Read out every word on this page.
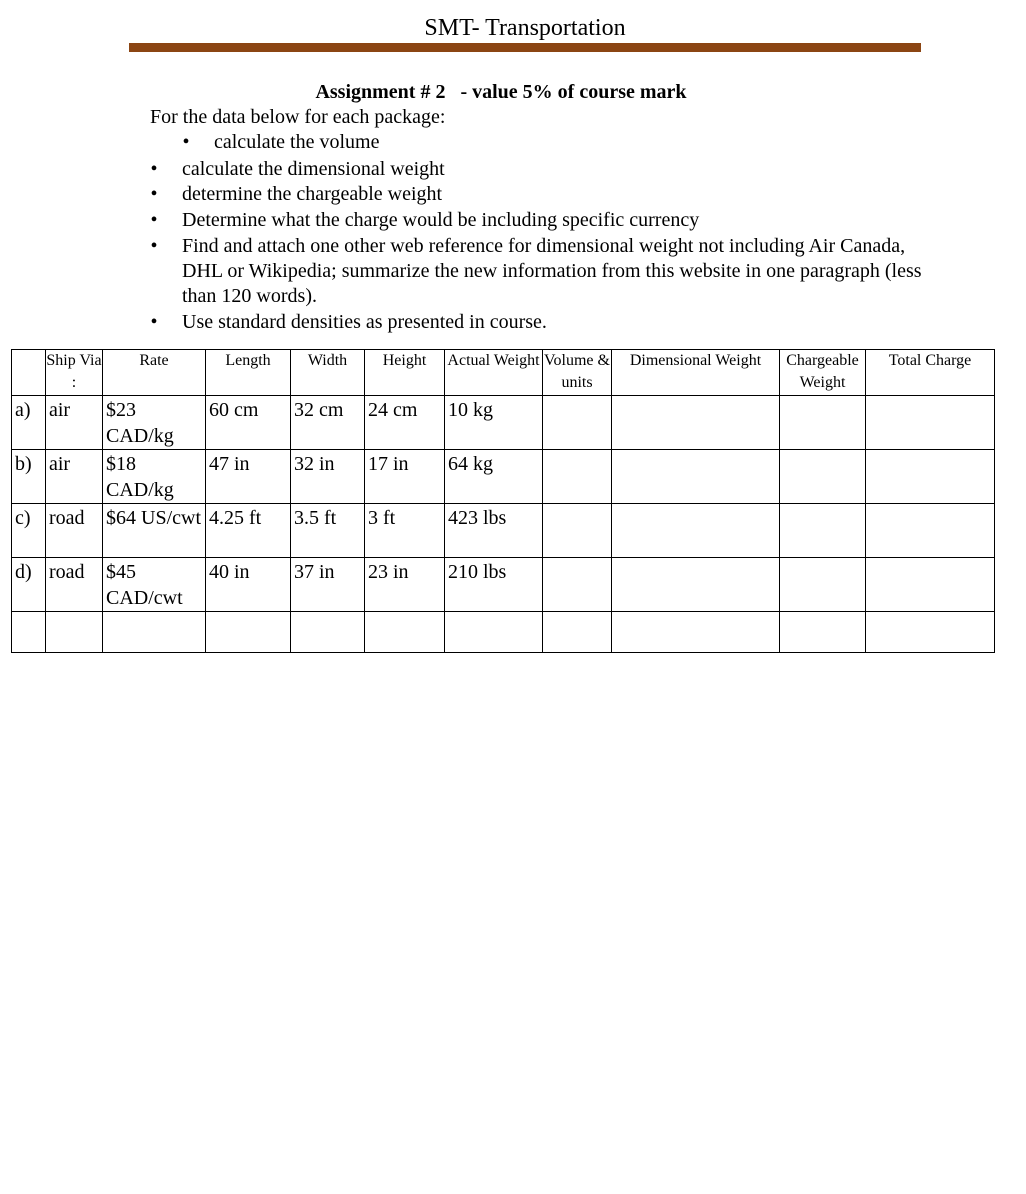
SMT- Transportation
Assignment # 2   - value 5% of course mark
For the data below for each package:
•	calculate the volume
•	calculate the dimensional weight
•	determine the chargeable weight
•	Determine what the charge would be including specific currency
•	Find and attach one other web reference for dimensional weight not including Air Canada, DHL or Wikipedia; summarize the new information from this website in one paragraph (less than 120 words).
•	Use standard densities as presented in course.
	Ship Via :	Rate	Length	Width	Height	Actual Weight	Volume & units	Dimensional Weight	Chargeable Weight	Total Charge
a)	air	$23 CAD/kg	60 cm	32 cm	24 cm	10 kg				
b)	air	$18 CAD/kg	47 in	32 in	17 in	64 kg				
c)	road	$64 US/cwt	4.25 ft	3.5 ft	3 ft	423 lbs				
d)	road	$45 CAD/cwt	40 in	37 in	23 in	210 lbs				
